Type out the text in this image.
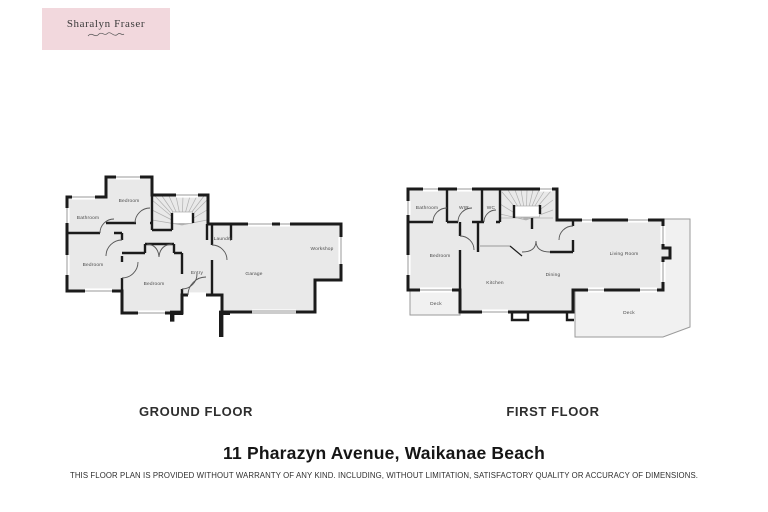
Sharalyn Fraser
Bathroom
Bedroom
Bedroom
Bedroom
Entry
Laundry
Garage
Workshop
Bathroom	WIR	WC
Bedroom
Deck
Kitchen
Dining
Living Room
Deck
GROUND FLOOR	FIRST FLOOR
11 Pharazyn Avenue, Waikanae Beach
THIS FLOOR PLAN IS PROVIDED WITHOUT WARRANTY OF ANY KIND. INCLUDING, WITHOUT LIMITATION, SATISFACTORY QUALITY OR ACCURACY OF DIMENSIONS.
